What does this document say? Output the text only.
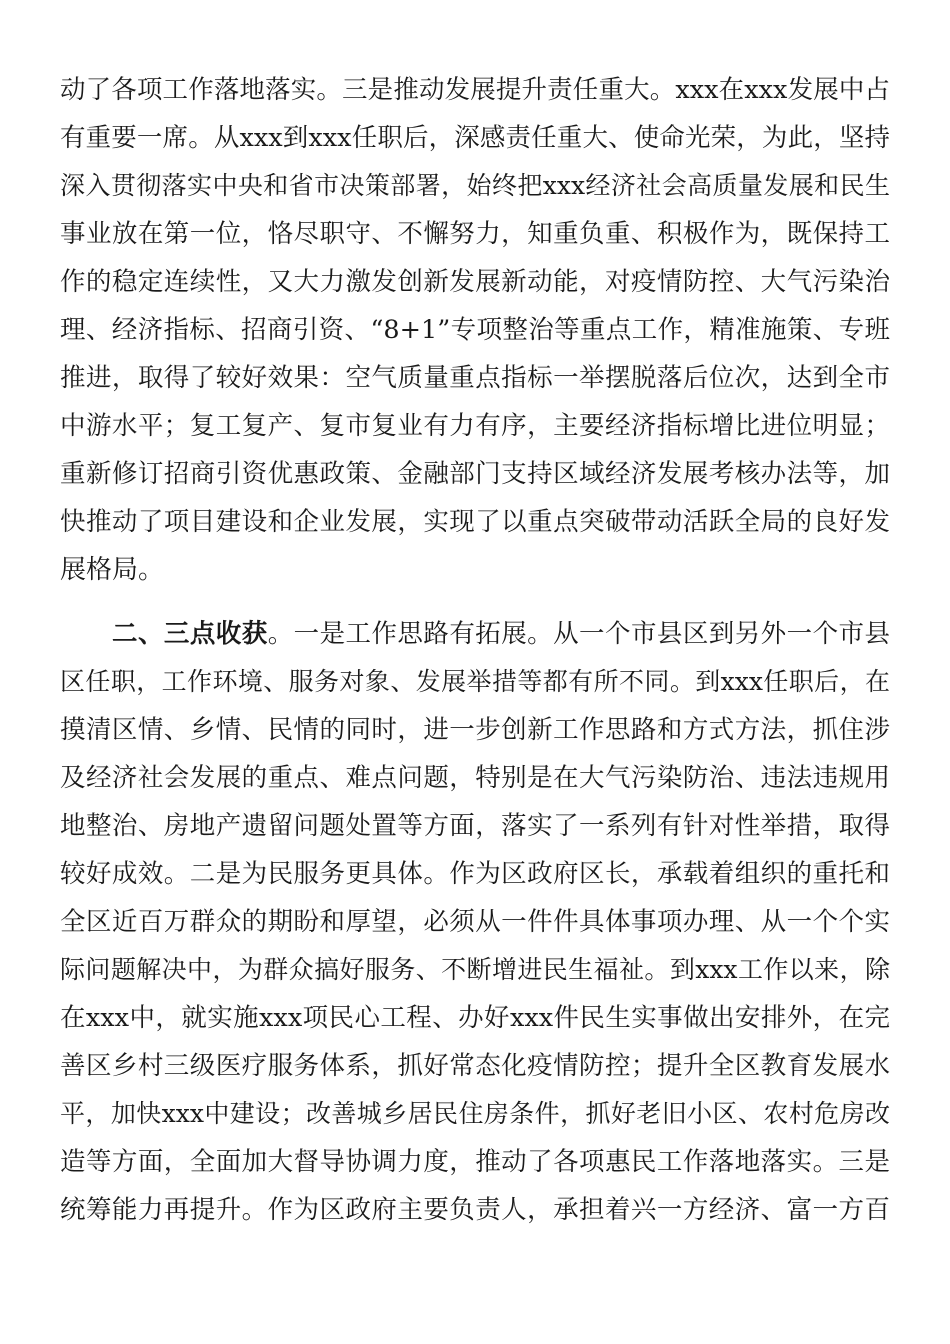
动了各项工作落地落实。三是推动发展提升责任重大。xxx在xxx发展中占
有重要一席。从xxx到xxx任职后，深感责任重大、使命光荣，为此，坚持
深入贯彻落实中央和省市决策部署，始终把xxx经济社会高质量发展和民生
事业放在第一位，恪尽职守、不懈努力，知重负重、积极作为，既保持工
作的稳定连续性，又大力激发创新发展新动能，对疫情防控、大气污染治
理、经济指标、招商引资、“8+1”专项整治等重点工作，精准施策、专班
推进，取得了较好效果：空气质量重点指标一举摆脱落后位次，达到全市
中游水平；复工复产、复市复业有力有序，主要经济指标增比进位明显；
重新修订招商引资优惠政策、金融部门支持区域经济发展考核办法等，加
快推动了项目建设和企业发展，实现了以重点突破带动活跃全局的良好发
展格局。
二、三点收获。一是工作思路有拓展。从一个市县区到另外一个市县
区任职，工作环境、服务对象、发展举措等都有所不同。到xxx任职后，在
摸清区情、乡情、民情的同时，进一步创新工作思路和方式方法，抓住涉
及经济社会发展的重点、难点问题，特别是在大气污染防治、违法违规用
地整治、房地产遗留问题处置等方面，落实了一系列有针对性举措，取得
较好成效。二是为民服务更具体。作为区政府区长，承载着组织的重托和
全区近百万群众的期盼和厚望，必须从一件件具体事项办理、从一个个实
际问题解决中，为群众搞好服务、不断增进民生福祉。到xxx工作以来，除
在xxx中，就实施xxx项民心工程、办好xxx件民生实事做出安排外，在完
善区乡村三级医疗服务体系，抓好常态化疫情防控；提升全区教育发展水
平，加快xxx中建设；改善城乡居民住房条件，抓好老旧小区、农村危房改
造等方面，全面加大督导协调力度，推动了各项惠民工作落地落实。三是
统筹能力再提升。作为区政府主要负责人，承担着兴一方经济、富一方百
